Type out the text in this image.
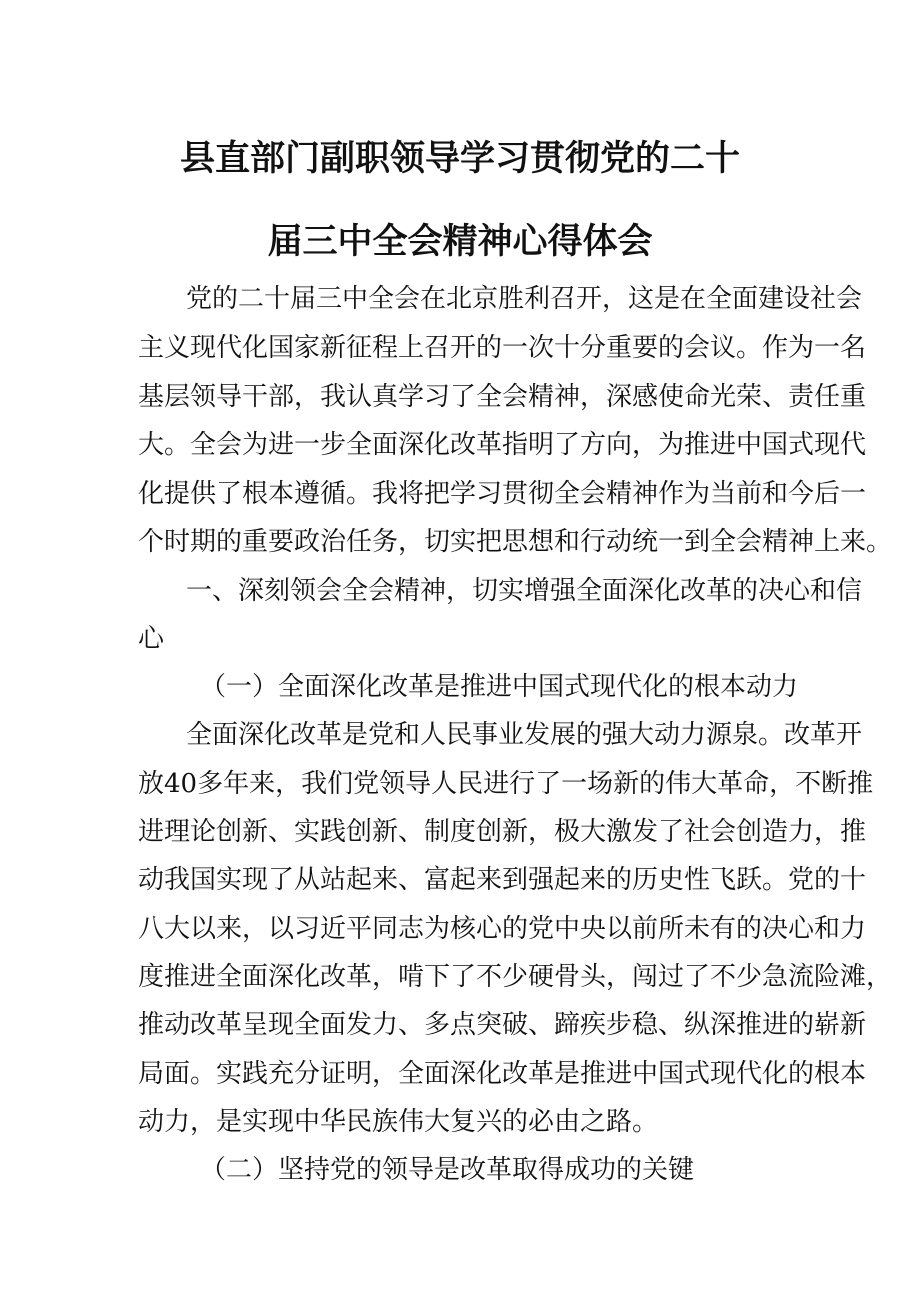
县直部门副职领导学习贯彻党的二十
届三中全会精神心得体会
党的二十届三中全会在北京胜利召开，这是在全面建设社会
主义现代化国家新征程上召开的一次十分重要的会议。作为一名
基层领导干部，我认真学习了全会精神，深感使命光荣、责任重
大。全会为进一步全面深化改革指明了方向，为推进中国式现代
化提供了根本遵循。我将把学习贯彻全会精神作为当前和今后一
个时期的重要政治任务，切实把思想和行动统一到全会精神上来。
一、深刻领会全会精神，切实增强全面深化改革的决心和信
心
（一）全面深化改革是推进中国式现代化的根本动力
全面深化改革是党和人民事业发展的强大动力源泉。改革开
放40多年来，我们党领导人民进行了一场新的伟大革命，不断推
进理论创新、实践创新、制度创新，极大激发了社会创造力，推
动我国实现了从站起来、富起来到强起来的历史性飞跃。党的十
八大以来，以习近平同志为核心的党中央以前所未有的决心和力
度推进全面深化改革，啃下了不少硬骨头，闯过了不少急流险滩，
推动改革呈现全面发力、多点突破、蹄疾步稳、纵深推进的崭新
局面。实践充分证明，全面深化改革是推进中国式现代化的根本
动力，是实现中华民族伟大复兴的必由之路。
（二）坚持党的领导是改革取得成功的关键
